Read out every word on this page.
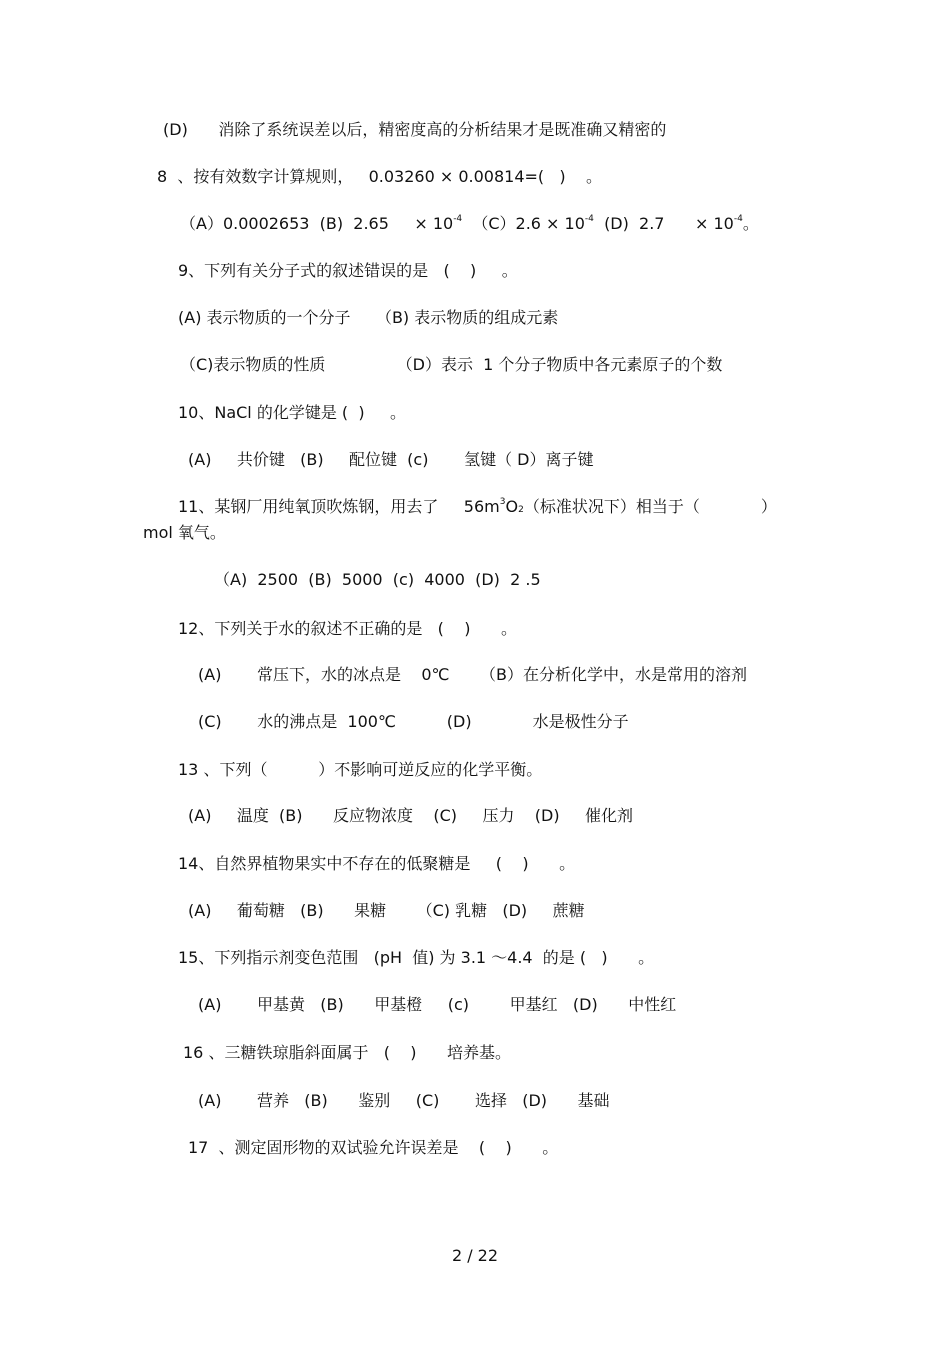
(D)      消除了系统误差以后，精密度高的分析结果才是既准确又精密的
8  、按有效数字计算规则，   0.03260 × 0.00814=(   )    。
（A）0.0002653  (B)  2.65     × $10^{-4}$  $(C)2.6 \times 10^{-4}$  (D)  2.7      × $10^{-4}$。
9、下列有关分子式的叙述错误的是   (    )     。
(A) 表示物质的一个分子     （B) 表示物质的组成元素
（C)表示物质的性质              （D）表示  1 个分子物质中各元素原子的个数
10、NaCl 的化学键是 (  )     。
(A)     共价键   (B)     配位键  (c)       氢键（ D）离子键
11、某钢厂用纯氧顶吹炼钢，用去了     $56m^3O2$（标准状况下）相当于（            ）
mol 氧气。
（A)  2500  (B)  5000  (c)  4000  (D)  2 .5
12、下列关于水的叙述不正确的是   (    )      。
(A)       常压下，水的冰点是    0℃      （B）在分析化学中，水是常用的溶剂
(C)       水的沸点是  100℃          (D)            水是极性分子
13 、下列（          ）不影响可逆反应的化学平衡。
(A)     温度  (B)      反应物浓度    (C)     压力    (D)     催化剂
14、自然界植物果实中不存在的低聚糖是     (    )      。
(A)     葡萄糖   (B)      果糖      （C) 乳糖   (D)     蔗糖
15、下列指示剂变色范围   (pH  值) 为 3.1 ～4.4  的是 (   )      。
(A)       甲基黄   (B)      甲基橙     (c)        甲基红   (D)      中性红
16 、三糖铁琼脂斜面属于   (    )      培养基。
(A)       营养   (B)      鉴别     (C)       选择   (D)      基础
17  、测定固形物的双试验允许误差是    (    )      。
2 / 22
